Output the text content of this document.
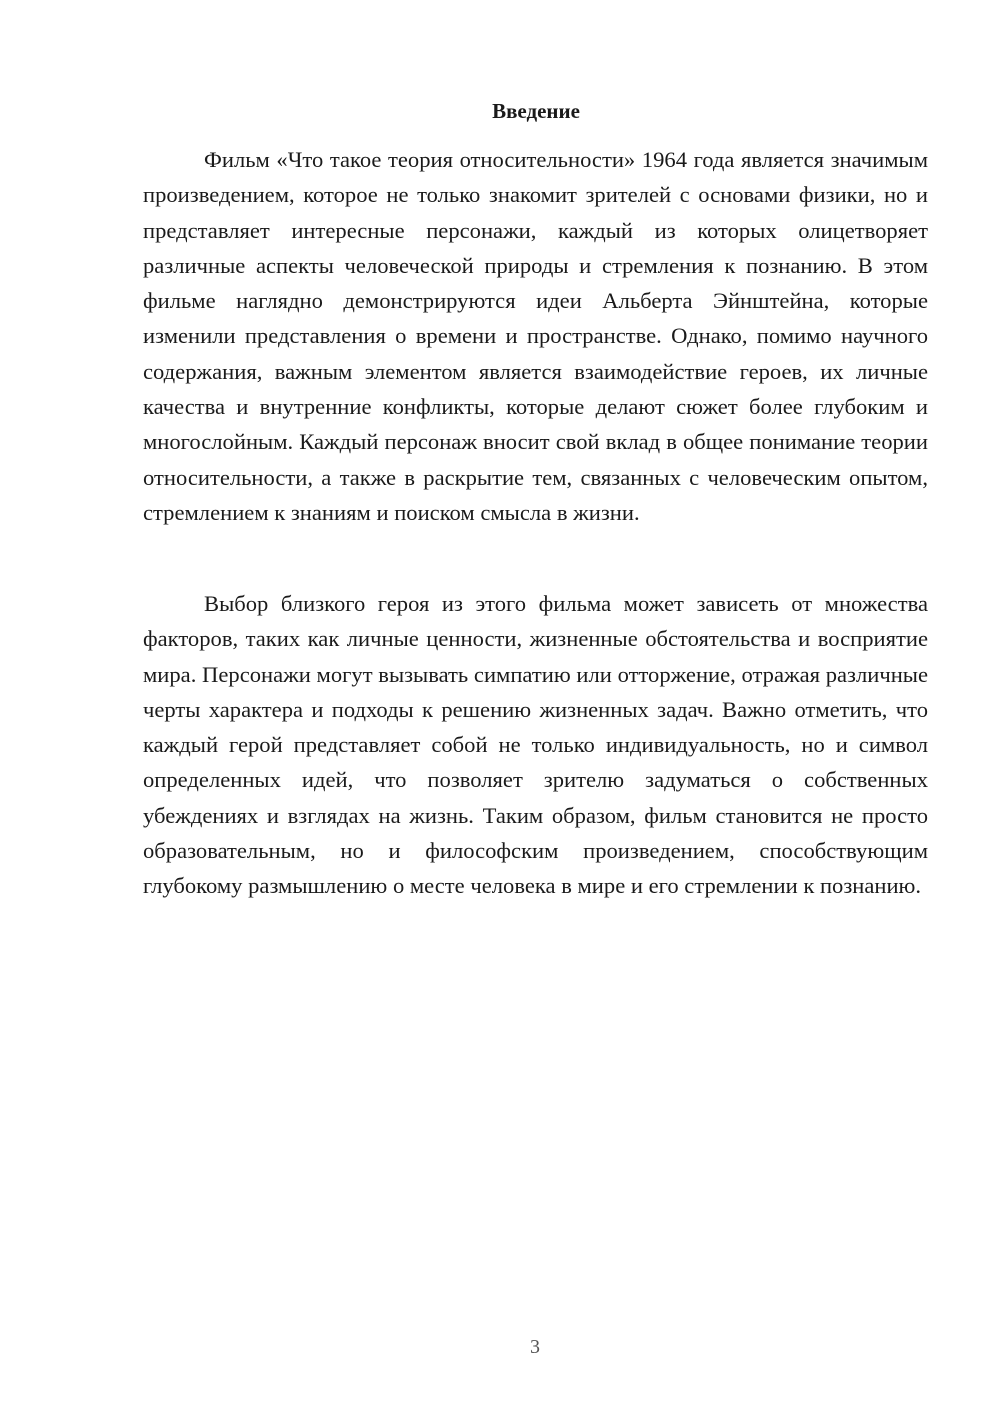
Введение

Фильм «Что такое теория относительности» 1964 года является значимым произведением, которое не только знакомит зрителей с основами физики, но и представляет интересные персонажи, каждый из которых олицетворяет различные аспекты человеческой природы и стремления к познанию. В этом фильме наглядно демонстрируются идеи Альберта Эйнштейна, которые изменили представления о времени и пространстве. Однако, помимо научного содержания, важным элементом является взаимодействие героев, их личные качества и внутренние конфликты, которые делают сюжет более глубоким и многослойным. Каждый персонаж вносит свой вклад в общее понимание теории относительности, а также в раскрытие тем, связанных с человеческим опытом, стремлением к знаниям и поиском смысла в жизни.

Выбор близкого героя из этого фильма может зависеть от множества факторов, таких как личные ценности, жизненные обстоятельства и восприятие мира. Персонажи могут вызывать симпатию или отторжение, отражая различные черты характера и подходы к решению жизненных задач. Важно отметить, что каждый герой представляет собой не только индивидуальность, но и символ определенных идей, что позволяет зрителю задуматься о собственных убеждениях и взглядах на жизнь. Таким образом, фильм становится не просто образовательным, но и философским произведением, способствующим глубокому размышлению о месте человека в мире и его стремлении к познанию.

3
